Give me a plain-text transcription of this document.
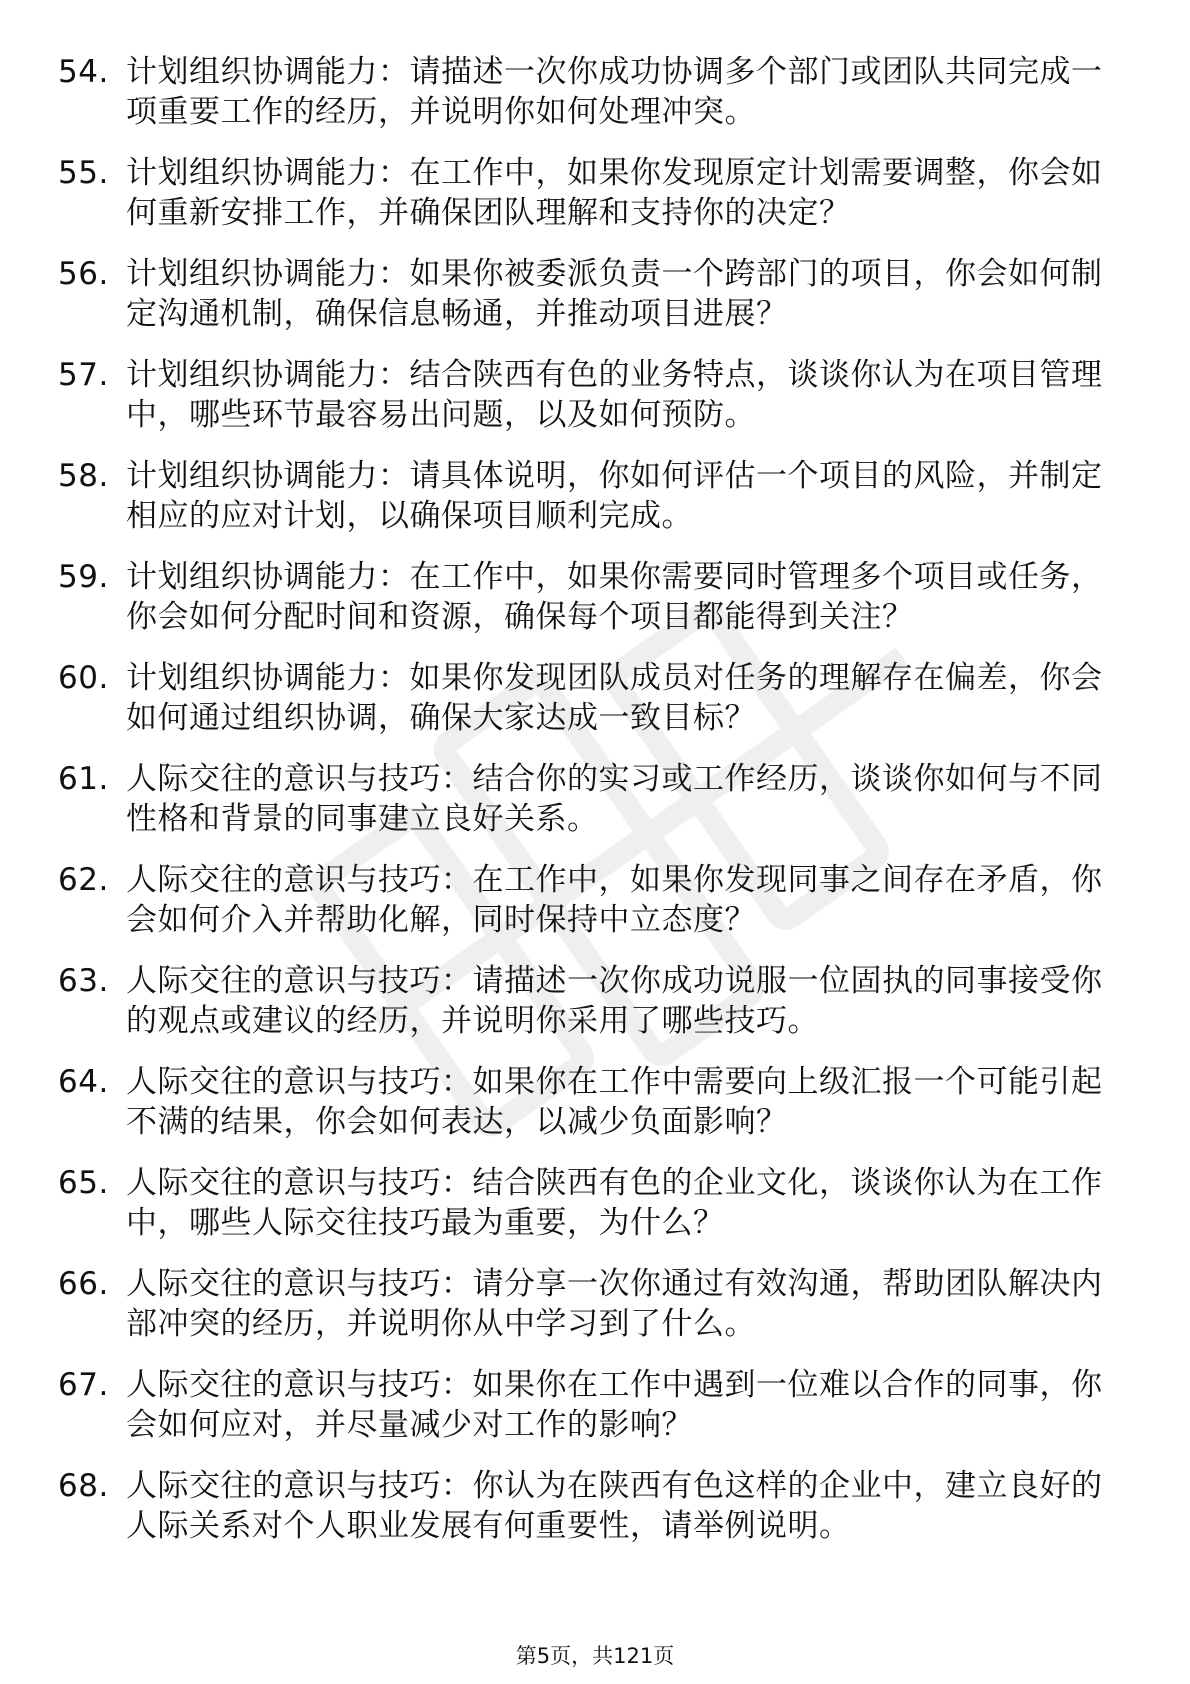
54. 计划组织协调能力：请描述一次你成功协调多个部门或团队共同完成一项重要工作的经历，并说明你如何处理冲突。
55. 计划组织协调能力：在工作中，如果你发现原定计划需要调整，你会如何重新安排工作，并确保团队理解和支持你的决定？
56. 计划组织协调能力：如果你被委派负责一个跨部门的项目，你会如何制定沟通机制，确保信息畅通，并推动项目进展？
57. 计划组织协调能力：结合陕西有色的业务特点，谈谈你认为在项目管理中，哪些环节最容易出问题，以及如何预防。
58. 计划组织协调能力：请具体说明，你如何评估一个项目的风险，并制定相应的应对计划，以确保项目顺利完成。
59. 计划组织协调能力：在工作中，如果你需要同时管理多个项目或任务，你会如何分配时间和资源，确保每个项目都能得到关注？
60. 计划组织协调能力：如果你发现团队成员对任务的理解存在偏差，你会如何通过组织协调，确保大家达成一致目标？
61. 人际交往的意识与技巧：结合你的实习或工作经历，谈谈你如何与不同性格和背景的同事建立良好关系。
62. 人际交往的意识与技巧：在工作中，如果你发现同事之间存在矛盾，你会如何介入并帮助化解，同时保持中立态度？
63. 人际交往的意识与技巧：请描述一次你成功说服一位固执的同事接受你的观点或建议的经历，并说明你采用了哪些技巧。
64. 人际交往的意识与技巧：如果你在工作中需要向上级汇报一个可能引起不满的结果，你会如何表达，以减少负面影响？
65. 人际交往的意识与技巧：结合陕西有色的企业文化，谈谈你认为在工作中，哪些人际交往技巧最为重要，为什么？
66. 人际交往的意识与技巧：请分享一次你通过有效沟通，帮助团队解决内部冲突的经历，并说明你从中学习到了什么。
67. 人际交往的意识与技巧：如果你在工作中遇到一位难以合作的同事，你会如何应对，并尽量减少对工作的影响？
68. 人际交往的意识与技巧：你认为在陕西有色这样的企业中，建立良好的人际关系对个人职业发展有何重要性，请举例说明。
第5页，共121页
